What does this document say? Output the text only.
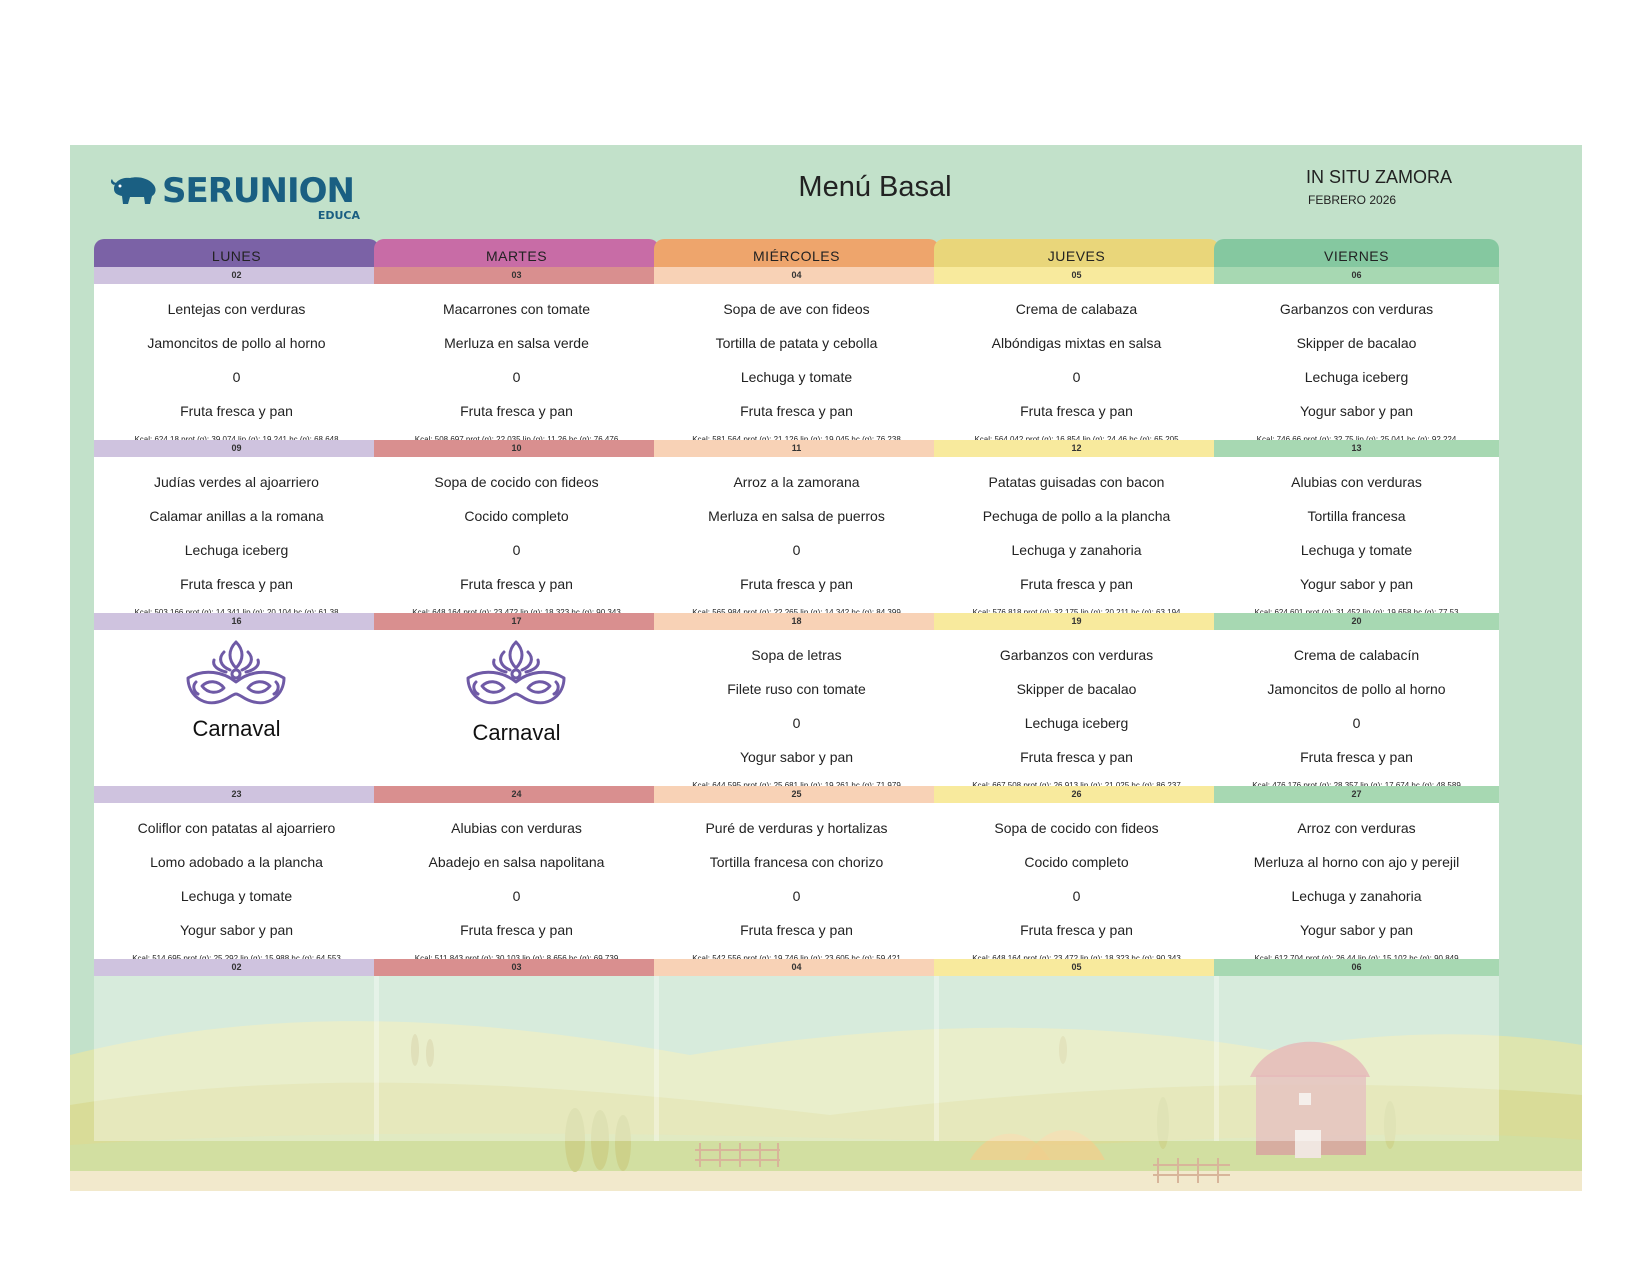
SERUNION
EDUCA
Menú Basal	IN SITU ZAMORA
FEBRERO 2026
LUNES
02
Lentejas con verduras
Jamoncitos de pollo al horno
0
Fruta fresca y pan
09
Judías verdes al ajoarriero
Calamar anillas a la romana
Lechuga iceberg
Fruta fresca y pan
16
Carnaval
23
Coliflor con patatas al ajoarriero
Lomo adobado a la plancha
Lechuga y tomate
Yogur sabor y pan
02
MARTES
03
Macarrones con tomate
Merluza en salsa verde
0
Fruta fresca y pan
10
Sopa de cocido con fideos
Cocido completo
0
Fruta fresca y pan
17
Carnaval
24
Alubias con verduras
Abadejo en salsa napolitana
0
Fruta fresca y pan
03
MIÉRCOLES
04
Sopa de ave con fideos
Tortilla de patata y cebolla
Lechuga y tomate
Fruta fresca y pan
11
Arroz a la zamorana
Merluza en salsa de puerros
0
Fruta fresca y pan
18
Sopa de letras
Filete ruso con tomate
0
Yogur sabor y pan
25
Puré de verduras y hortalizas
Tortilla francesa con chorizo
0
Fruta fresca y pan
04
JUEVES
05
Crema de calabaza
Albóndigas mixtas en salsa
0
Fruta fresca y pan
12
Patatas guisadas con bacon
Pechuga de pollo a la plancha
Lechuga y zanahoria
Fruta fresca y pan
19
Garbanzos con verduras
Skipper de bacalao
Lechuga iceberg
Fruta fresca y pan
26
Sopa de cocido con fideos
Cocido completo
0
Fruta fresca y pan
05
VIERNES
06
Garbanzos con verduras
Skipper de bacalao
Lechuga iceberg
Yogur sabor y pan
13
Alubias con verduras
Tortilla francesa
Lechuga y tomate
Yogur sabor y pan
20
Crema de calabacín
Jamoncitos de pollo al horno
0
Fruta fresca y pan
27
Arroz con verduras
Merluza al horno con ajo y perejil
Lechuga y zanahoria
Yogur sabor y pan
06
